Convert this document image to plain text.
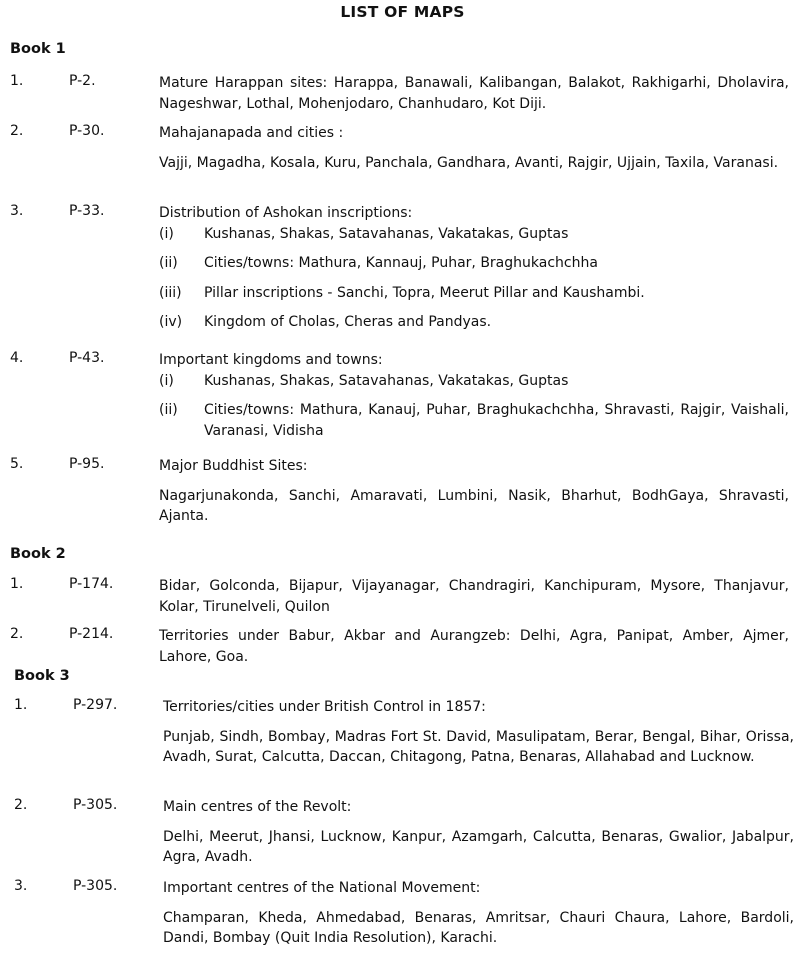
LIST OF MAPS
Book 1
1.	P-2.	Mature Harappan sites: Harappa, Banawali, Kalibangan, Balakot, Rakhigarhi, Dholavira, Nageshwar, Lothal, Mohenjodaro, Chanhudaro, Kot Diji.
2.	P-30.	Mahajanapada and cities :
Vajji, Magadha, Kosala, Kuru, Panchala, Gandhara, Avanti, Rajgir, Ujjain, Taxila, Varanasi.
3.	P-33.	Distribution of Ashokan inscriptions:
(i) Kushanas, Shakas, Satavahanas, Vakatakas, Guptas
(ii) Cities/towns: Mathura, Kannauj, Puhar, Braghukachchha
(iii) Pillar inscriptions - Sanchi, Topra, Meerut Pillar and Kaushambi.
(iv) Kingdom of Cholas, Cheras and Pandyas.
4.	P-43.	Important kingdoms and towns:
(i) Kushanas, Shakas, Satavahanas, Vakatakas, Guptas
(ii) Cities/towns: Mathura, Kanauj, Puhar, Braghukachchha, Shravasti, Rajgir, Vaishali, Varanasi, Vidisha
5.	P-95.	Major Buddhist Sites:
Nagarjunakonda, Sanchi, Amaravati, Lumbini, Nasik, Bharhut, BodhGaya, Shravasti, Ajanta.
Book 2
1.	P-174.	Bidar, Golconda, Bijapur, Vijayanagar, Chandragiri, Kanchipuram, Mysore, Thanjavur, Kolar, Tirunelveli, Quilon
2.	P-214.	Territories under Babur, Akbar and Aurangzeb: Delhi, Agra, Panipat, Amber, Ajmer, Lahore, Goa.
Book 3
1.	P-297.	Territories/cities under British Control in 1857:
Punjab, Sindh, Bombay, Madras Fort St. David, Masulipatam, Berar, Bengal, Bihar, Orissa, Avadh, Surat, Calcutta, Daccan, Chitagong, Patna, Benaras, Allahabad and Lucknow.
2.	P-305.	Main centres of the Revolt:
Delhi, Meerut, Jhansi, Lucknow, Kanpur, Azamgarh, Calcutta, Benaras, Gwalior, Jabalpur, Agra, Avadh.
3.	P-305.	Important centres of the National Movement:
Champaran, Kheda, Ahmedabad, Benaras, Amritsar, Chauri Chaura, Lahore, Bardoli, Dandi, Bombay (Quit India Resolution), Karachi.
